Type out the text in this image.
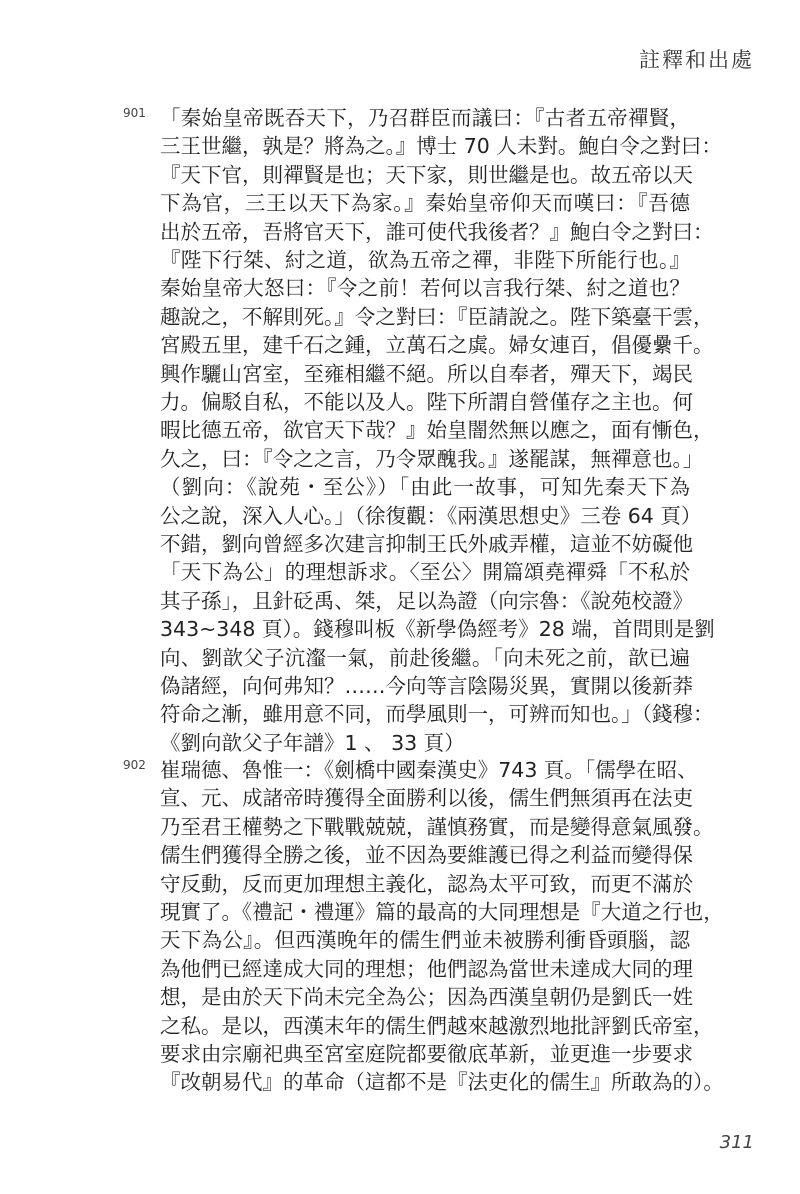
註釋和出處
901 「秦始皇帝既吞天下，乃召群臣而議曰：『古者五帝禪賢，
三王世繼，孰是？將為之。』博士 70 人未對。鮑白令之對曰：
『天下官，則禪賢是也；天下家，則世繼是也。故五帝以天
下為官，三王以天下為家。』秦始皇帝仰天而嘆曰：『吾德
出於五帝，吾將官天下，誰可使代我後者？』鮑白令之對曰：
『陛下行桀、紂之道，欲為五帝之禪，非陛下所能行也。』
秦始皇帝大怒曰：『令之前！若何以言我行桀、紂之道也？
趣說之，不解則死。』令之對曰：『臣請說之。陛下築臺干雲，
宮殿五里，建千石之鍾，立萬石之虡。婦女連百，倡優纍千。
興作驪山宮室，至雍相繼不絕。所以自奉者，殫天下，竭民
力。偏駁自私，不能以及人。陛下所謂自營僅存之主也。何
暇比德五帝，欲官天下哉？』始皇闇然無以應之，面有慚色，
久之，曰：『令之之言，乃令眾醜我。』遂罷謀，無禪意也。」
（劉向：《說苑・至公》）「由此一故事，可知先秦天下為
公之說，深入人心。」（徐復觀：《兩漢思想史》三卷 64 頁）
不錯，劉向曾經多次建言抑制王氏外戚弄權，這並不妨礙他
「天下為公」的理想訴求。〈至公〉開篇頌堯禪舜「不私於
其子孫」，且針砭禹、桀，足以為證（向宗魯：《說苑校證》
343~348 頁）。錢穆叫板《新學偽經考》28 端，首問則是劉
向、劉歆父子沆瀣一氣，前赴後繼。「向未死之前，歆已遍
偽諸經，向何弗知？……今向等言陰陽災異，實開以後新莽
符命之漸，雖用意不同，而學風則一，可辨而知也。」（錢穆：
《劉向歆父子年譜》1 、 33 頁）
902 崔瑞德、魯惟一：《劍橋中國秦漢史》743 頁。「儒學在昭、
宣、元、成諸帝時獲得全面勝利以後，儒生們無須再在法吏
乃至君王權勢之下戰戰兢兢，謹慎務實，而是變得意氣風發。
儒生們獲得全勝之後，並不因為要維護已得之利益而變得保
守反動，反而更加理想主義化，認為太平可致，而更不滿於
現實了。《禮記・禮運》篇的最高的大同理想是『大道之行也，
天下為公』。但西漢晚年的儒生們並未被勝利衝昏頭腦，認
為他們已經達成大同的理想；他們認為當世未達成大同的理
想，是由於天下尚未完全為公；因為西漢皇朝仍是劉氏一姓
之私。是以，西漢末年的儒生們越來越激烈地批評劉氏帝室，
要求由宗廟祀典至宮室庭院都要徹底革新，並更進一步要求
『改朝易代』的革命（這都不是『法吏化的儒生』所敢為的）。
311
